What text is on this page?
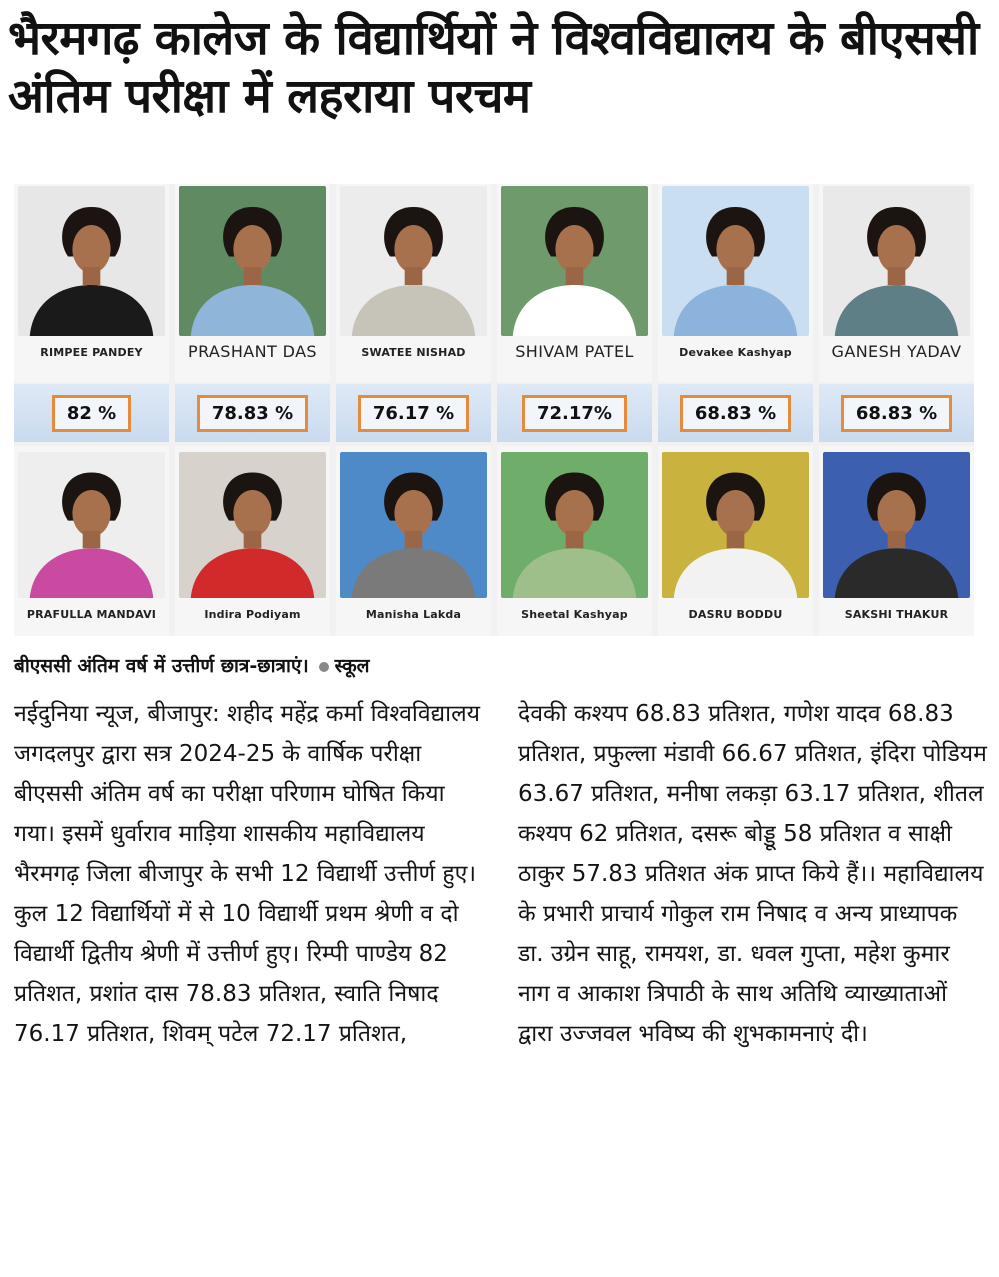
भैरमगढ़ कालेज के विद्यार्थियों ने विश्वविद्यालय के बीएससी अंतिम परीक्षा में लहराया परचम
RIMPEE PANDEY	PRASHANT DAS	SWATEE NISHAD	SHIVAM PATEL	Devakee Kashyap	GANESH YADAV
82 %	78.83 %	76.17 %	72.17%	68.83 %	68.83 %
PRAFULLA MANDAVI	Indira Podiyam	Manisha Lakda	Sheetal Kashyap	DASRU BODDU	SAKSHI THAKUR

बीएससी अंतिम वर्ष में उत्तीर्ण छात्र-छात्राएं। स्कूल

नईदुनिया न्यूज, बीजापुर: शहीद महेंद्र कर्मा विश्वविद्यालय जगदलपुर द्वारा सत्र 2024-25 के वार्षिक परीक्षा बीएससी अंतिम वर्ष का परीक्षा परिणाम घोषित किया गया। इसमें धुर्वाराव माड़िया शासकीय महाविद्यालय भैरमगढ़ जिला बीजापुर के सभी 12 विद्यार्थी उत्तीर्ण हुए। कुल 12 विद्यार्थियों में से 10 विद्यार्थी प्रथम श्रेणी व दो विद्यार्थी द्वितीय श्रेणी में उत्तीर्ण हुए। रिम्पी पाण्डेय 82 प्रतिशत, प्रशांत दास 78.83 प्रतिशत, स्वाति निषाद 76.17 प्रतिशत, शिवम् पटेल 72.17 प्रतिशत,

देवकी कश्यप 68.83 प्रतिशत, गणेश यादव 68.83 प्रतिशत, प्रफुल्ला मंडावी 66.67 प्रतिशत, इंदिरा पोडियम 63.67 प्रतिशत, मनीषा लकड़ा 63.17 प्रतिशत, शीतल कश्यप 62 प्रतिशत, दसरू बोड्डू 58 प्रतिशत व साक्षी ठाकुर 57.83 प्रतिशत अंक प्राप्त किये हैं।। महाविद्यालय के प्रभारी प्राचार्य गोकुल राम निषाद व अन्य प्राध्यापक डा. उग्रेन साहू, रामयश, डा. धवल गुप्ता, महेश कुमार नाग व आकाश त्रिपाठी के साथ अतिथि व्याख्याताओं द्वारा उज्जवल भविष्य की शुभकामनाएं दी।
